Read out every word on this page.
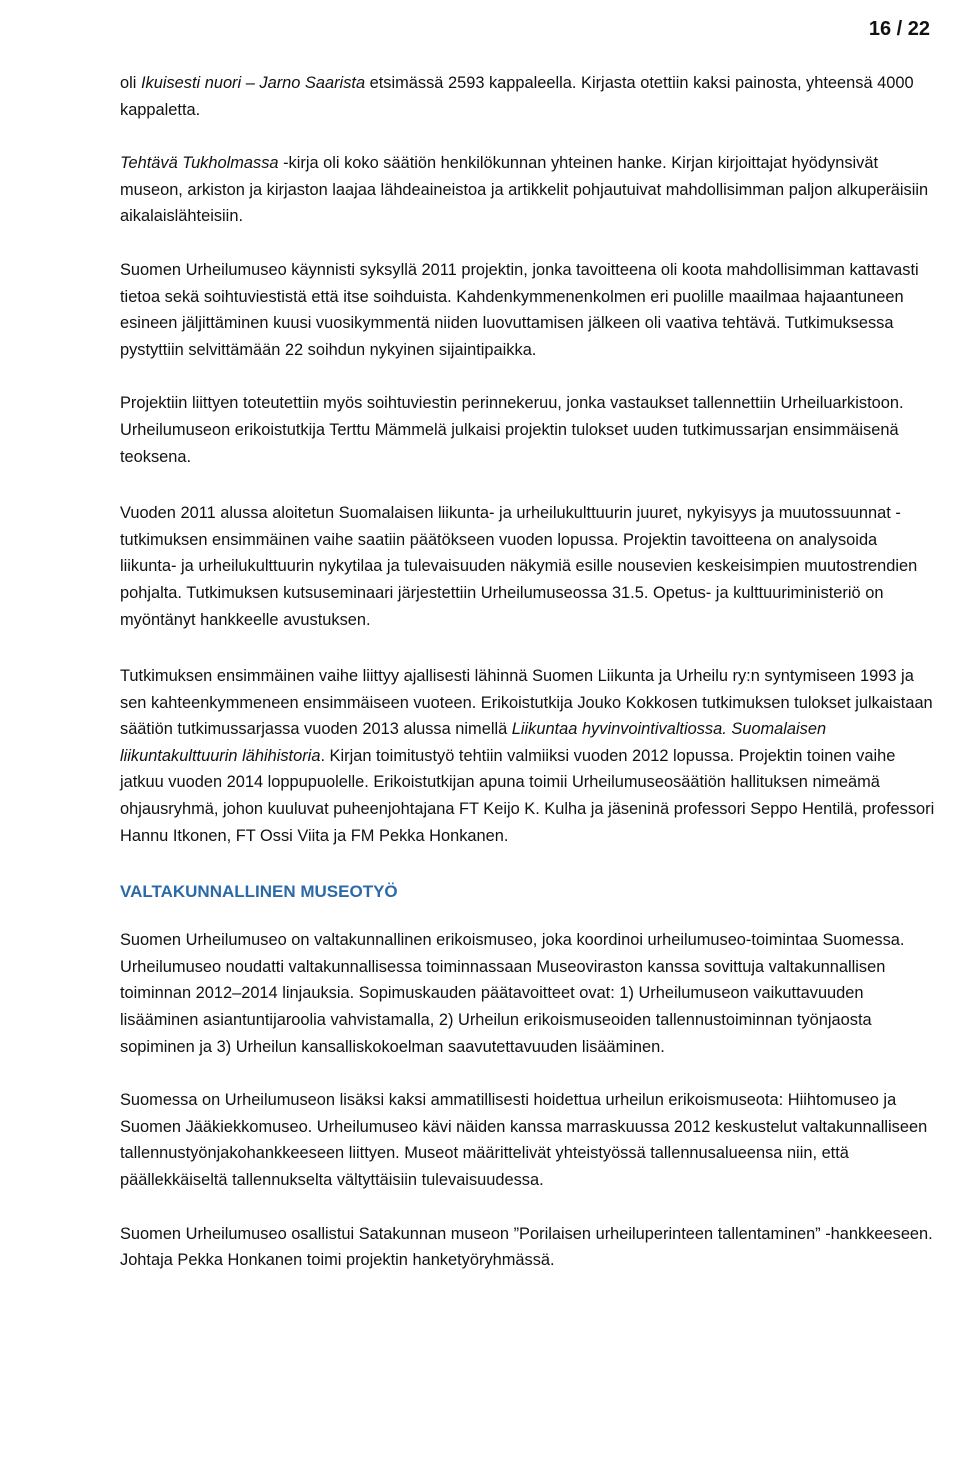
16 / 22

oli Ikuisesti nuori – Jarno Saarista etsimässä 2593 kappaleella. Kirjasta otettiin kaksi painosta, yhteensä 4000 kappaletta.

Tehtävä Tukholmassa -kirja oli koko säätiön henkilökunnan yhteinen hanke. Kirjan kirjoittajat hyödynsivät museon, arkiston ja kirjaston laajaa lähdeaineistoa ja artikkelit pohjautuivat mahdollisimman paljon alkuperäisiin aikalaislähteisiin.

Suomen Urheilumuseo käynnisti syksyllä 2011 projektin, jonka tavoitteena oli koota mahdollisimman kattavasti tietoa sekä soihtuviestistä että itse soihduista. Kahdenkymmenenkolmen eri puolille maailmaa hajaantuneen esineen jäljittäminen kuusi vuosikymmentä niiden luovuttamisen jälkeen oli vaativa tehtävä. Tutkimuksessa pystyttiin selvittämään 22 soihdun nykyinen sijaintipaikka.

Projektiin liittyen toteutettiin myös soihtuviestin perinnekeruu, jonka vastaukset tallennettiin Urheiluarkistoon. Urheilumuseon erikoistutkija Terttu Mämmelä julkaisi projektin tulokset uuden tutkimussarjan ensimmäisenä teoksena.

Vuoden 2011 alussa aloitetun Suomalaisen liikunta- ja urheilukulttuurin juuret, nykyisyys ja muutossuunnat -tutkimuksen ensimmäinen vaihe saatiin päätökseen vuoden lopussa. Projektin tavoitteena on analysoida liikunta- ja urheilukulttuurin nykytilaa ja tulevaisuuden näkymiä esille nousevien keskeisimpien muutostrendien pohjalta. Tutkimuksen kutsuseminaari järjestettiin Urheilumuseossa 31.5. Opetus- ja kulttuuriministeriö on myöntänyt hankkeelle avustuksen.

Tutkimuksen ensimmäinen vaihe liittyy ajallisesti lähinnä Suomen Liikunta ja Urheilu ry:n syntymiseen 1993 ja sen kahteenkymmeneen ensimmäiseen vuoteen. Erikoistutkija Jouko Kokkosen tutkimuksen tulokset julkaistaan säätiön tutkimussarjassa vuoden 2013 alussa nimellä Liikuntaa hyvinvointivaltiossa. Suomalaisen liikuntakulttuurin lähihistoria. Kirjan toimitustyö tehtiin valmiiksi vuoden 2012 lopussa. Projektin toinen vaihe jatkuu vuoden 2014 loppupuolelle. Erikoistutkijan apuna toimii Urheilumuseosäätiön hallituksen nimeämä ohjausryhmä, johon kuuluvat puheenjohtajana FT Keijo K. Kulha ja jäseninä professori Seppo Hentilä, professori Hannu Itkonen, FT Ossi Viita ja FM Pekka Honkanen.

VALTAKUNNALLINEN MUSEOTYÖ

Suomen Urheilumuseo on valtakunnallinen erikoismuseo, joka koordinoi urheilumuseo-toimintaa Suomessa. Urheilumuseo noudatti valtakunnallisessa toiminnassaan Museoviraston kanssa sovittuja valtakunnallisen toiminnan 2012–2014 linjauksia. Sopimuskauden päätavoitteet ovat: 1) Urheilumuseon vaikuttavuuden lisääminen asiantuntijaroolia vahvistamalla, 2) Urheilun erikoismuseoiden tallennustoiminnan työnjaosta sopiminen ja 3) Urheilun kansalliskokoelman saavutettavuuden lisääminen.

Suomessa on Urheilumuseon lisäksi kaksi ammatillisesti hoidettua urheilun erikoismuseota: Hiihtomuseo ja Suomen Jääkiekkomuseo. Urheilumuseo kävi näiden kanssa marraskuussa 2012 keskustelut valtakunnalliseen tallennustyönjakohankkeeseen liittyen. Museot määrittelivät yhteistyössä tallennusalueensa niin, että päällekkäiseltä tallennukselta vältyttäisiin tulevaisuudessa.

Suomen Urheilumuseo osallistui Satakunnan museon ”Porilaisen urheiluperinteen tallentaminen” -hankkeeseen. Johtaja Pekka Honkanen toimi projektin hanketyöryhmässä.
